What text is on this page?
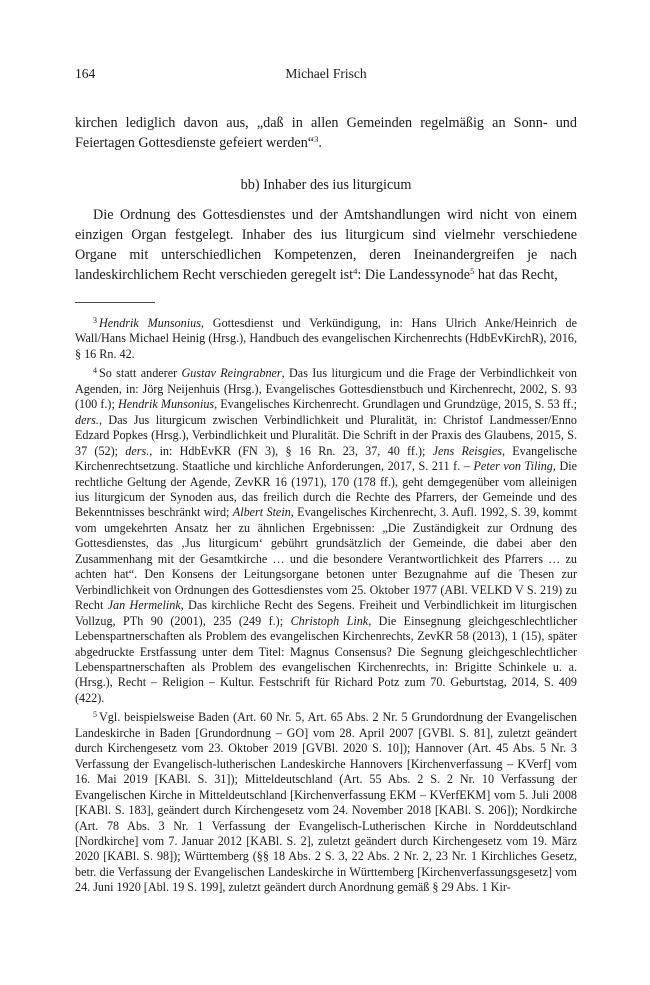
164	Michael Frisch

kirchen lediglich davon aus, „daß in allen Gemeinden regelmäßig an Sonn- und Feiertagen Gottesdienste gefeiert werden“$^3$.

bb) Inhaber des ius liturgicum

Die Ordnung des Gottesdienstes und der Amtshandlungen wird nicht von einem einzigen Organ festgelegt. Inhaber des ius liturgicum sind vielmehr verschiedene Organe mit unterschiedlichen Kompetenzen, deren Ineinandergreifen je nach landeskirchlichem Recht verschieden geregelt ist$^4$: Die Landessynode$^5$ hat das Recht,

$^3$ Hendrik Munsonius, Gottesdienst und Verkündigung, in: Hans Ulrich Anke/Heinrich de Wall/Hans Michael Heinig (Hrsg.), Handbuch des evangelischen Kirchenrechts (HdbEvKirchR), 2016, § 16 Rn. 42.

$^4$ So statt anderer Gustav Reingrabner, Das Ius liturgicum und die Frage der Verbindlichkeit von Agenden, in: Jörg Neijenhuis (Hrsg.), Evangelisches Gottesdienstbuch und Kirchenrecht, 2002, S. 93 (100 f.); Hendrik Munsonius, Evangelisches Kirchenrecht. Grundlagen und Grundzüge, 2015, S. 53 ff.; ders., Das Jus liturgicum zwischen Verbindlichkeit und Pluralität, in: Christof Landmesser/Enno Edzard Popkes (Hrsg.), Verbindlichkeit und Pluralität. Die Schrift in der Praxis des Glaubens, 2015, S. 37 (52); ders., in: HdbEvKR (FN 3), § 16 Rn. 23, 37, 40 ff.); Jens Reisgies, Evangelische Kirchenrechtsetzung. Staatliche und kirchliche Anforderungen, 2017, S. 211 f. – Peter von Tiling, Die rechtliche Geltung der Agende, ZevKR 16 (1971), 170 (178 ff.), geht demgegenüber vom alleinigen ius liturgicum der Synoden aus, das freilich durch die Rechte des Pfarrers, der Gemeinde und des Bekenntnisses beschränkt wird; Albert Stein, Evangelisches Kirchenrecht, 3. Aufl. 1992, S. 39, kommt vom umgekehrten Ansatz her zu ähnlichen Ergebnissen: „Die Zuständigkeit zur Ordnung des Gottesdienstes, das ‚Jus liturgicum‘ gebührt grundsätzlich der Gemeinde, die dabei aber den Zusammenhang mit der Gesamtkirche … und die besondere Verantwortlichkeit des Pfarrers … zu achten hat“. Den Konsens der Leitungsorgane betonen unter Bezugnahme auf die Thesen zur Verbindlichkeit von Ordnungen des Gottesdienstes vom 25. Oktober 1977 (ABl. VELKD V S. 219) zu Recht Jan Hermelink, Das kirchliche Recht des Segens. Freiheit und Verbindlichkeit im liturgischen Vollzug, PTh 90 (2001), 235 (249 f.); Christoph Link, Die Einsegnung gleichgeschlechtlicher Lebenspartnerschaften als Problem des evangelischen Kirchenrechts, ZevKR 58 (2013), 1 (15), später abgedruckte Erstfassung unter dem Titel: Magnus Consensus? Die Segnung gleichgeschlechtlicher Lebenspartnerschaften als Problem des evangelischen Kirchenrechts, in: Brigitte Schinkele u. a. (Hrsg.), Recht – Religion – Kultur. Festschrift für Richard Potz zum 70. Geburtstag, 2014, S. 409 (422).

$^5$ Vgl. beispielsweise Baden (Art. 60 Nr. 5, Art. 65 Abs. 2 Nr. 5 Grundordnung der Evangelischen Landeskirche in Baden [Grundordnung – GO] vom 28. April 2007 [GVBl. S. 81], zuletzt geändert durch Kirchengesetz vom 23. Oktober 2019 [GVBl. 2020 S. 10]); Hannover (Art. 45 Abs. 5 Nr. 3 Verfassung der Evangelisch-lutherischen Landeskirche Hannovers [Kirchenverfassung – KVerf] vom 16. Mai 2019 [KABl. S. 31]); Mitteldeutschland (Art. 55 Abs. 2 S. 2 Nr. 10 Verfassung der Evangelischen Kirche in Mitteldeutschland [Kirchenverfassung EKM – KVerfEKM] vom 5. Juli 2008 [KABl. S. 183], geändert durch Kirchengesetz vom 24. November 2018 [KABl. S. 206]); Nordkirche (Art. 78 Abs. 3 Nr. 1 Verfassung der Evangelisch-Lutherischen Kirche in Norddeutschland [Nordkirche] vom 7. Januar 2012 [KABl. S. 2], zuletzt geändert durch Kirchengesetz vom 19. März 2020 [KABl. S. 98]); Württemberg (§§ 18 Abs. 2 S. 3, 22 Abs. 2 Nr. 2, 23 Nr. 1 Kirchliches Gesetz, betr. die Verfassung der Evangelischen Landeskirche in Württemberg [Kirchenverfassungsgesetz] vom 24. Juni 1920 [Abl. 19 S. 199], zuletzt geändert durch Anordnung gemäß § 29 Abs. 1 Kir-
